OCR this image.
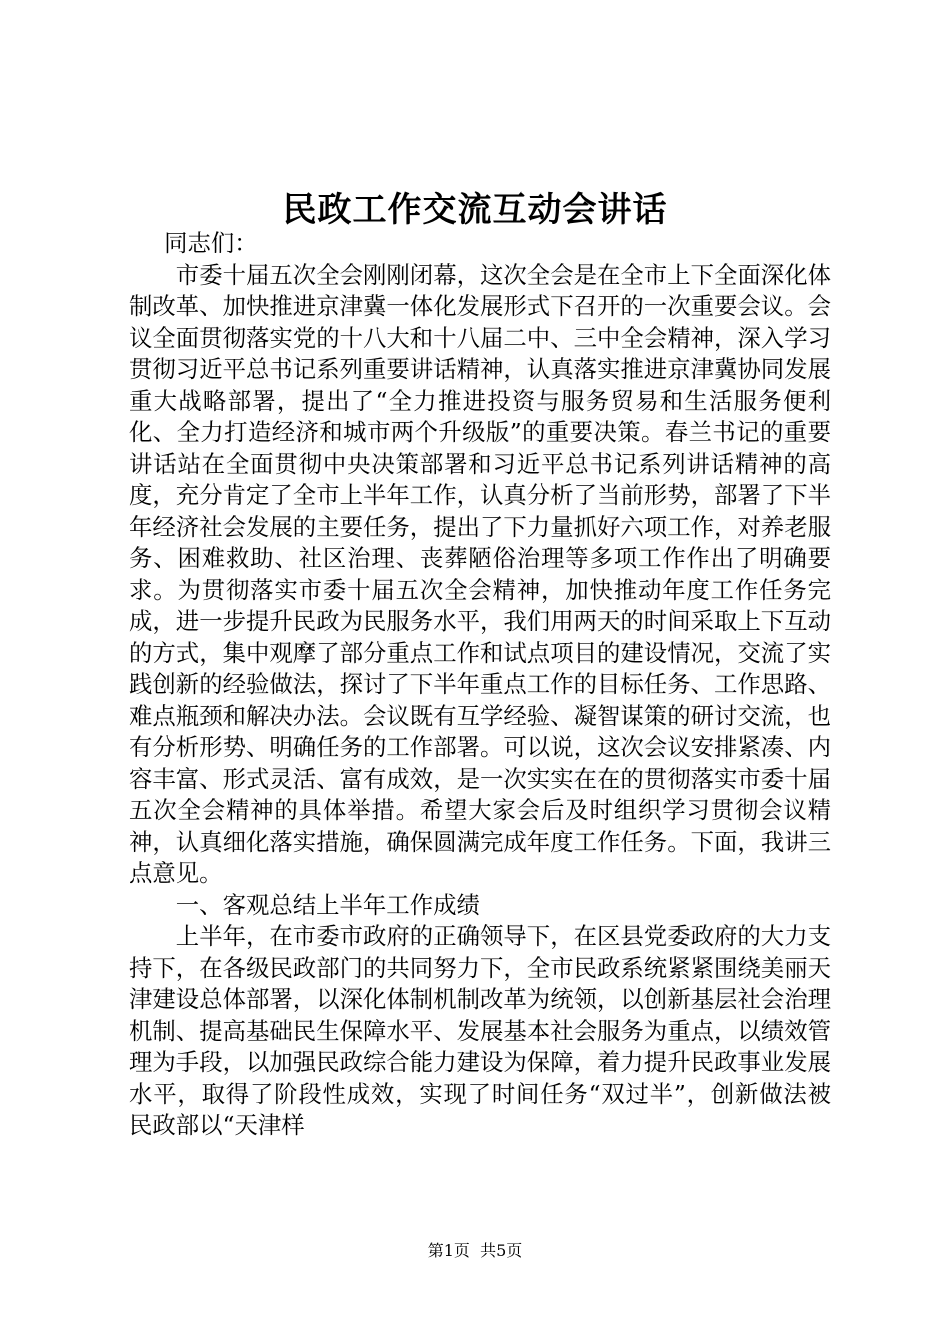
民政工作交流互动会讲话

同志们：

市委十届五次全会刚刚闭幕，这次全会是在全市上下全面深化体制改革、加快推进京津冀一体化发展形式下召开的一次重要会议。会议全面贯彻落实党的十八大和十八届二中、三中全会精神，深入学习贯彻习近平总书记系列重要讲话精神，认真落实推进京津冀协同发展重大战略部署，提出了“全力推进投资与服务贸易和生活服务便利化、全力打造经济和城市两个升级版”的重要决策。春兰书记的重要讲话站在全面贯彻中央决策部署和习近平总书记系列讲话精神的高度，充分肯定了全市上半年工作，认真分析了当前形势，部署了下半年经济社会发展的主要任务，提出了下力量抓好六项工作，对养老服务、困难救助、社区治理、丧葬陋俗治理等多项工作作出了明确要求。为贯彻落实市委十届五次全会精神，加快推动年度工作任务完成，进一步提升民政为民服务水平，我们用两天的时间采取上下互动的方式，集中观摩了部分重点工作和试点项目的建设情况，交流了实践创新的经验做法，探讨了下半年重点工作的目标任务、工作思路、难点瓶颈和解决办法。会议既有互学经验、凝智谋策的研讨交流，也有分析形势、明确任务的工作部署。可以说，这次会议安排紧凑、内容丰富、形式灵活、富有成效，是一次实实在在的贯彻落实市委十届五次全会精神的具体举措。希望大家会后及时组织学习贯彻会议精神，认真细化落实措施，确保圆满完成年度工作任务。下面，我讲三点意见。

一、客观总结上半年工作成绩

上半年，在市委市政府的正确领导下，在区县党委政府的大力支持下，在各级民政部门的共同努力下，全市民政系统紧紧围绕美丽天津建设总体部署，以深化体制机制改革为统领，以创新基层社会治理机制、提高基础民生保障水平、发展基本社会服务为重点，以绩效管理为手段，以加强民政综合能力建设为保障，着力提升民政事业发展水平，取得了阶段性成效，实现了时间任务“双过半”，创新做法被民政部以“天津样

第1页  共5页
